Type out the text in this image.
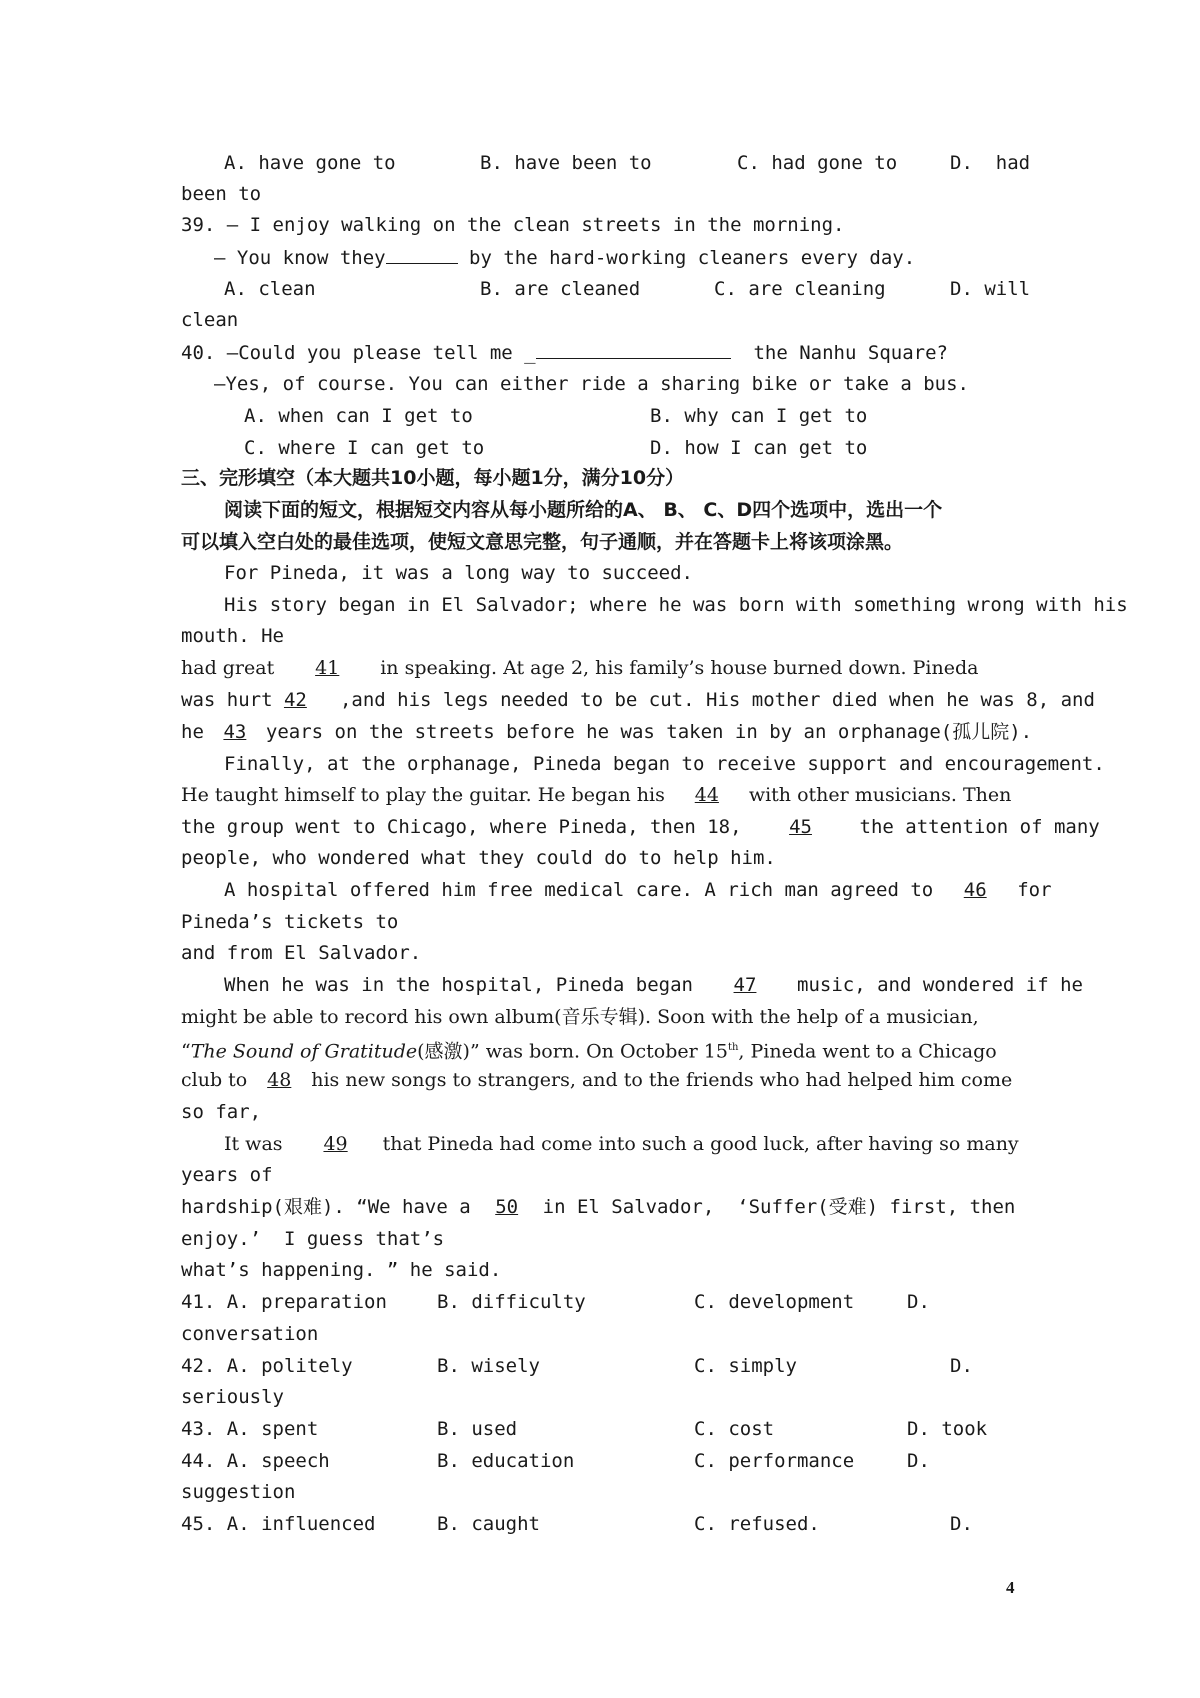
A. have gone to	B. have been to	C. had gone to	D.  had
been to
39. — I enjoy walking on the clean streets in the morning.
— You know they	by the hard-working cleaners every day.
A. clean	B. are cleaned	C. are cleaning	D. will
clean
40. —Could you please tell me _	the Nanhu Square?
—Yes, of course. You can either ride a sharing bike or take a bus.
A. when can I get to	B. why can I get to
C. where I can get to	D. how I can get to
三、完形填空（本大题共10小题，每小题1分，满分10分）
阅读下面的短文，根据短交内容从每小题所给的A、 B、 C、D四个选项中，选出一个
可以填入空白处的最佳选项，使短文意思完整，句子通顺，并在答题卡上将该项涂黑。
For Pineda, it was a long way to succeed.
His story began in El Salvador; where he was born with something wrong with his
mouth. He
had great 41 in speaking. At age 2, his family’s house burned down. Pineda
was hurt 42 ,and his legs needed to be cut. His mother died when he was 8, and
he 43 years on the streets before he was taken in by an orphanage(孤儿院).
Finally, at the orphanage, Pineda began to receive support and encouragement.
He taught himself to play the guitar. He began his 44 with other musicians. Then
the group went to Chicago, where Pineda, then 18,	45	the attention of many
people, who wondered what they could do to help him.
A hospital offered him free medical care. A rich man agreed to 46 for
Pineda’s tickets to
and from El Salvador.
When he was in the hospital, Pineda began 47 music, and wondered if he
might be able to record his own album(音乐专辑). Soon with the help of a musician,
“The Sound of Gratitude(感激)” was born. On October 15th, Pineda went to a Chicago
club to 48 his new songs to strangers, and to the friends who had helped him come
so far,
It was 49 that Pineda had come into such a good luck, after having so many
years of
hardship(艰难). “We have a 50 in El Salvador,  ‘Suffer(受难) first, then
enjoy.’  I guess that’s
what’s happening. ” he said.
41. A. preparation	B. difficulty	C. development	D.
conversation
42. A. politely	B. wisely	C. simply	D.
seriously
43. A. spent	B. used	C. cost	D. took
44. A. speech	B. education	C. performance	D.
suggestion
45. A. influenced	B. caught	C. refused.	D.
4
